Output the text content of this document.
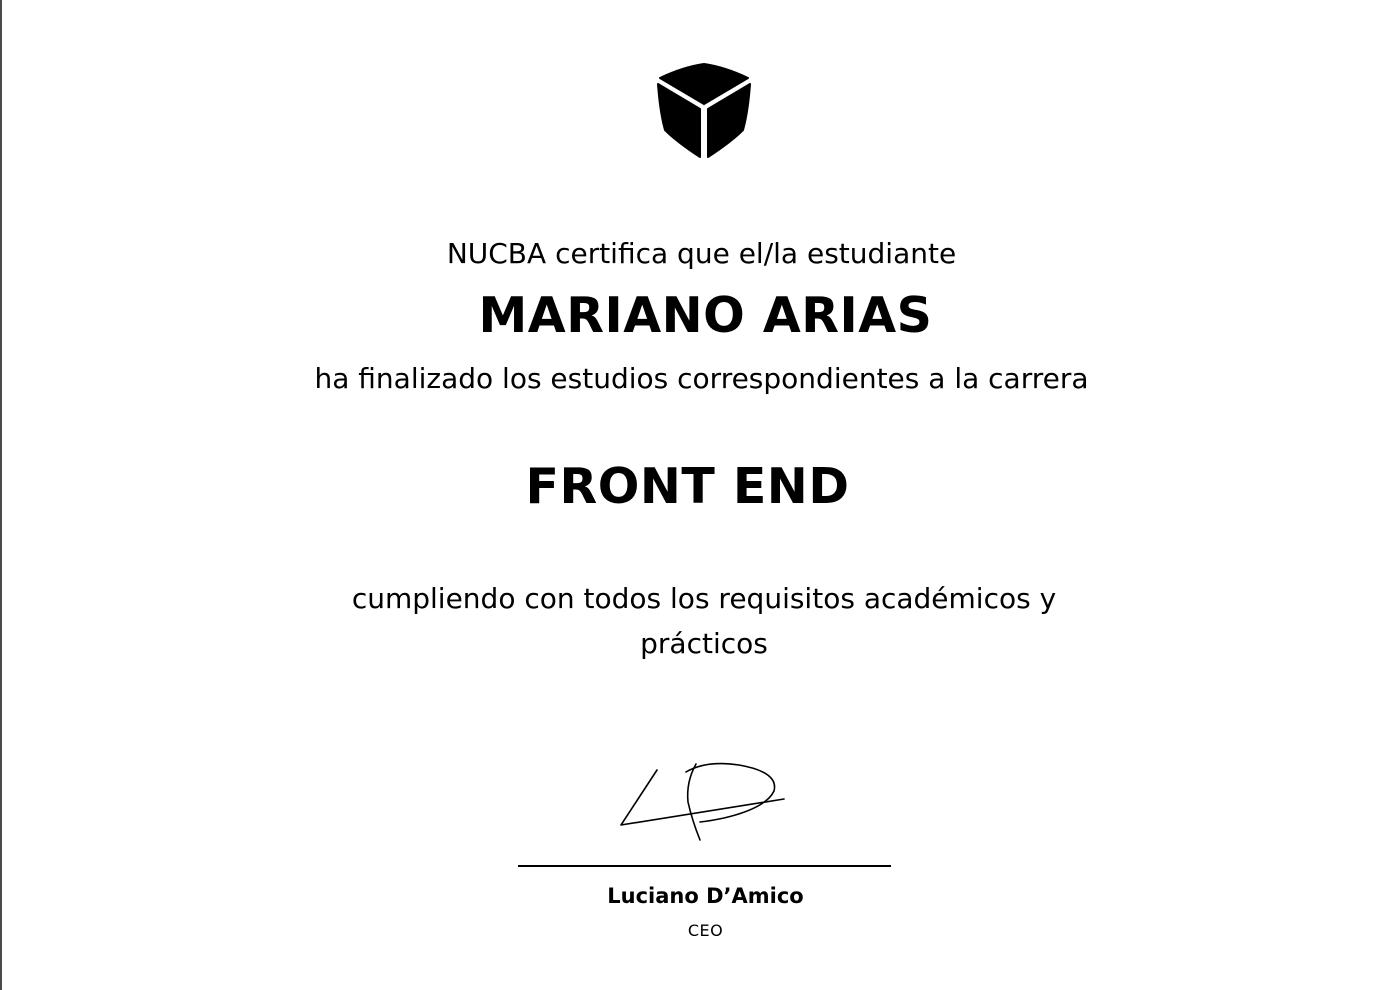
NUCBA certifica que el/la estudiante
MARIANO ARIAS
ha finalizado los estudios correspondientes a la carrera
FRONT END
cumpliendo con todos los requisitos académicos y prácticos
Luciano D’Amico
CEO
